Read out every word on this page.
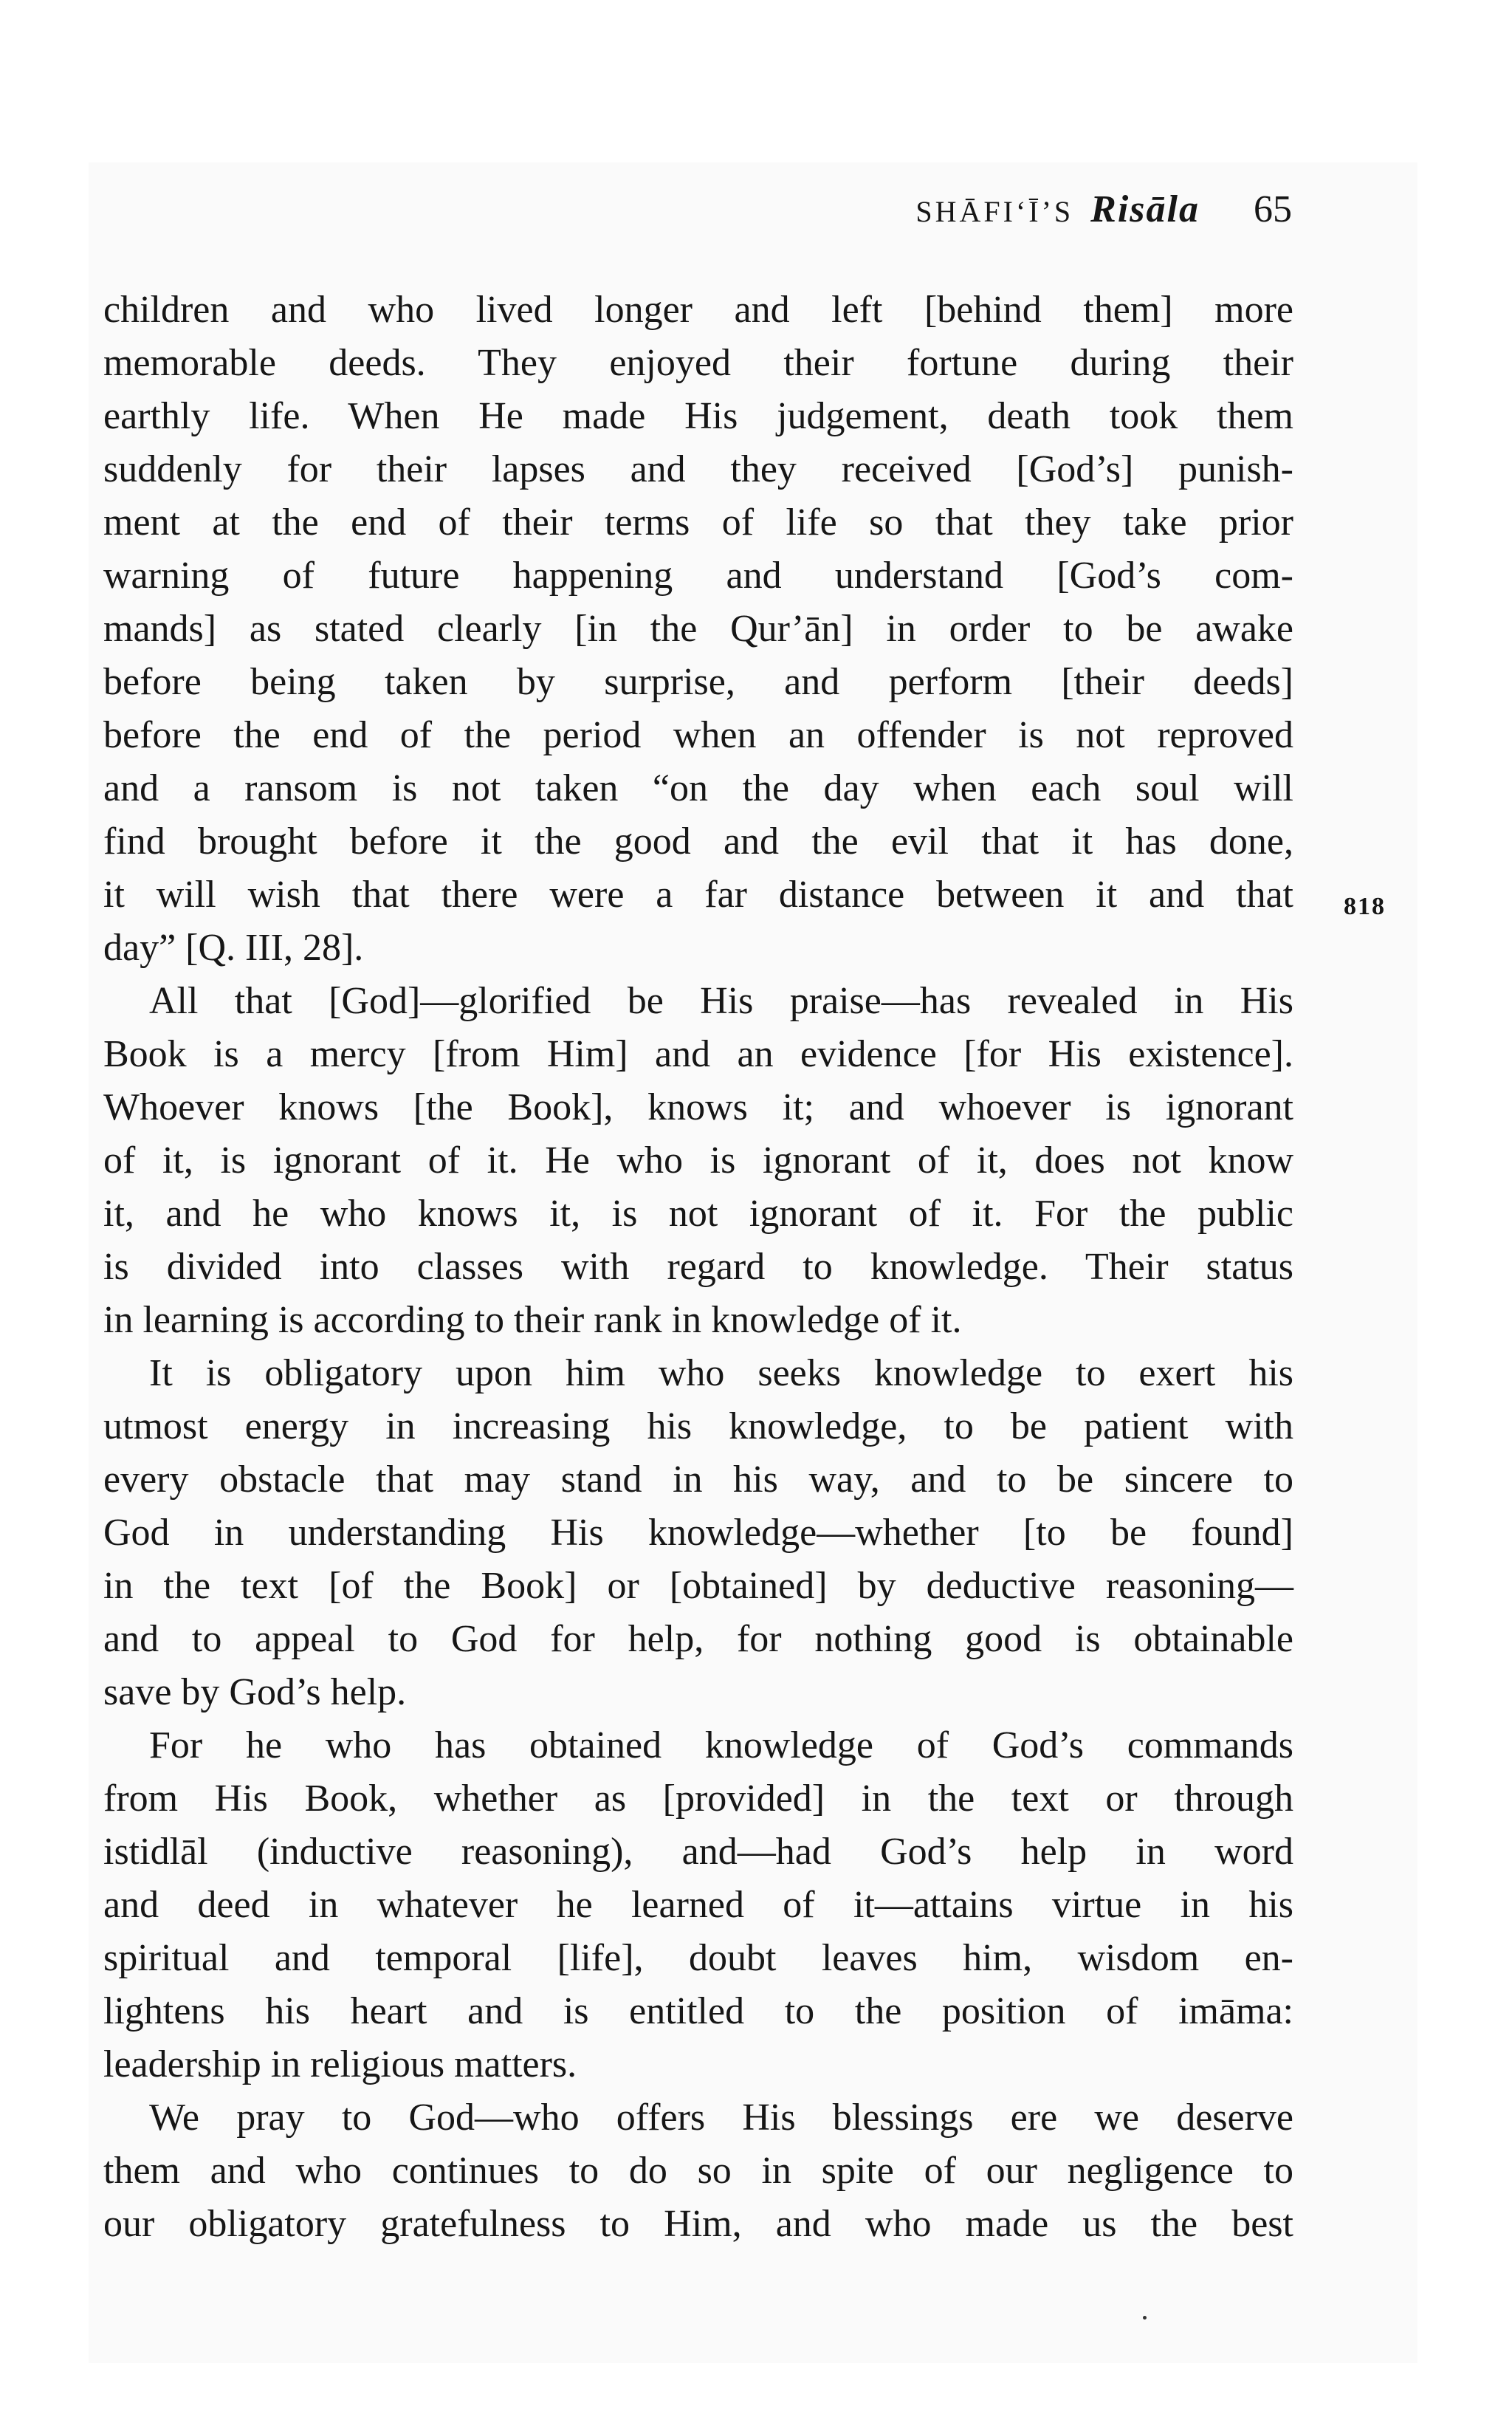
SHĀFI‘Ī’S Risāla 65
children and who lived longer and left [behind them] more
memorable deeds. They enjoyed their fortune during their
earthly life. When He made His judgement, death took them
suddenly for their lapses and they received [God’s] punish-
ment at the end of their terms of life so that they take prior
warning of future happening and understand [God’s com-
mands] as stated clearly [in the Qur’ān] in order to be awake
before being taken by surprise, and perform [their deeds]
before the end of the period when an offender is not reproved
and a ransom is not taken “on the day when each soul will
find brought before it the good and the evil that it has done,
it will wish that there were a far distance between it and that
day” [Q. III, 28].
All that [God]—glorified be His praise—has revealed in His
Book is a mercy [from Him] and an evidence [for His existence].
Whoever knows [the Book], knows it; and whoever is ignorant
of it, is ignorant of it. He who is ignorant of it, does not know
it, and he who knows it, is not ignorant of it. For the public
is divided into classes with regard to knowledge. Their status
in learning is according to their rank in knowledge of it.
It is obligatory upon him who seeks knowledge to exert his
utmost energy in increasing his knowledge, to be patient with
every obstacle that may stand in his way, and to be sincere to
God in understanding His knowledge—whether [to be found]
in the text [of the Book] or [obtained] by deductive reasoning—
and to appeal to God for help, for nothing good is obtainable
save by God’s help.
For he who has obtained knowledge of God’s commands
from His Book, whether as [provided] in the text or through
istidlāl (inductive reasoning), and—had God’s help in word
and deed in whatever he learned of it—attains virtue in his
spiritual and temporal [life], doubt leaves him, wisdom en-
lightens his heart and is entitled to the position of imāma:
leadership in religious matters.
We pray to God—who offers His blessings ere we deserve
them and who continues to do so in spite of our negligence to
our obligatory gratefulness to Him, and who made us the best
818
